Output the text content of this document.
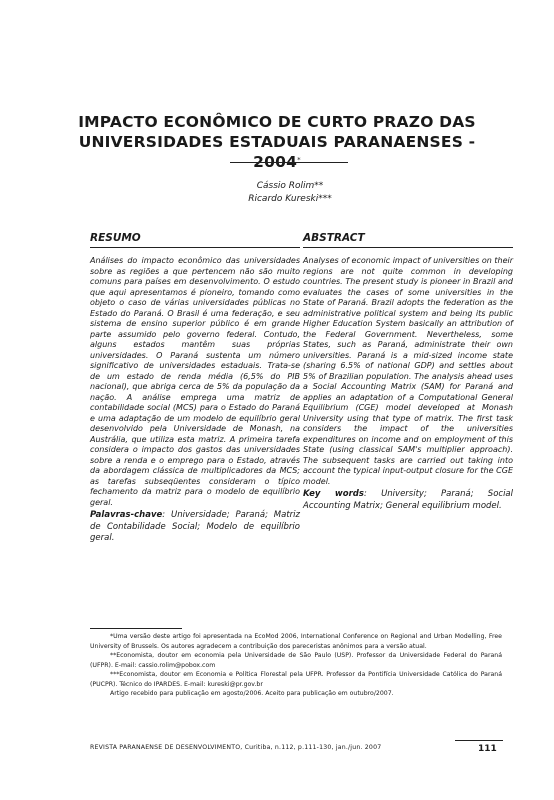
IMPACTO ECONÔMICO DE CURTO PRAZO DAS
UNIVERSIDADES ESTADUAIS PARANAENSES - 2004*
Cássio Rolim**
Ricardo Kureski***
RESUMO

Análises do impacto econômico das universidades sobre as regiões a que pertencem não são muito comuns para países em desenvolvimento. O estudo que aqui apresentamos é pioneiro, tomando como objeto o caso de várias universidades públicas no Estado do Paraná. O Brasil é uma federação, e seu sistema de ensino superior público é em grande parte assumido pelo governo federal. Contudo, alguns estados mantêm suas próprias universidades. O Paraná sustenta um número significativo de universidades estaduais. Trata-se de um estado de renda média (6,5% do PIB nacional), que abriga cerca de 5% da população da nação. A análise emprega uma matriz de contabilidade social (MCS) para o Estado do Paraná e uma adaptação de um modelo de equilíbrio geral desenvolvido pela Universidade de Monash, na Austrália, que utiliza esta matriz. A primeira tarefa considera o impacto dos gastos das universidades sobre a renda e o emprego para o Estado, através da abordagem clássica de multiplicadores da MCS; as tarefas subseqüentes consideram o típico fechamento da matriz para o modelo de equilíbrio geral.

Palavras-chave: Universidade; Paraná; Matriz de Contabilidade Social; Modelo de equilíbrio geral.
ABSTRACT

Analyses of economic impact of universities on their regions are not quite common in developing countries. The present study is pioneer in Brazil and evaluates the cases of some universities in the State of Paraná. Brazil adopts the federation as the administrative political system and being its public Higher Education System basically an attribution of the Federal Government. Nevertheless, some States, such as Paraná, administrate their own universities. Paraná is a mid-sized income state (sharing 6.5% of national GDP) and settles about 5% of Brazilian population. The analysis ahead uses a Social Accounting Matrix (SAM) for Paraná and applies an adaptation of a Computational General Equilibrium (CGE) model developed at Monash University using that type of matrix. The first task considers the impact of the universities expenditures on income and on employment of this State (using classical SAM's multiplier approach). The subsequent tasks are carried out taking into account the typical input-output closure for the CGE model.

Key words: University; Paraná; Social Accounting Matrix; General equilibrium model.

*Uma versão deste artigo foi apresentada na EcoMod 2006, International Conference on Regional and Urban Modelling, Free University of Brussels. Os autores agradecem a contribuição dos pareceristas anônimos para a versão atual.

**Economista, doutor em economia pela Universidade de São Paulo (USP). Professor da Universidade Federal do Paraná (UFPR). E-mail: cassio.rolim@pobox.com

***Economista, doutor em Economia e Política Florestal pela UFPR. Professor da Pontifícia Universidade Católica do Paraná (PUCPR). Técnico do IPARDES. E-mail: kureski@pr.gov.br

Artigo recebido para publicação em agosto/2006. Aceito para publicação em outubro/2007.

REVISTA PARANAENSE DE DESENVOLVIMENTO, Curitiba, n.112, p.111-130, jan./jun. 2007	111
